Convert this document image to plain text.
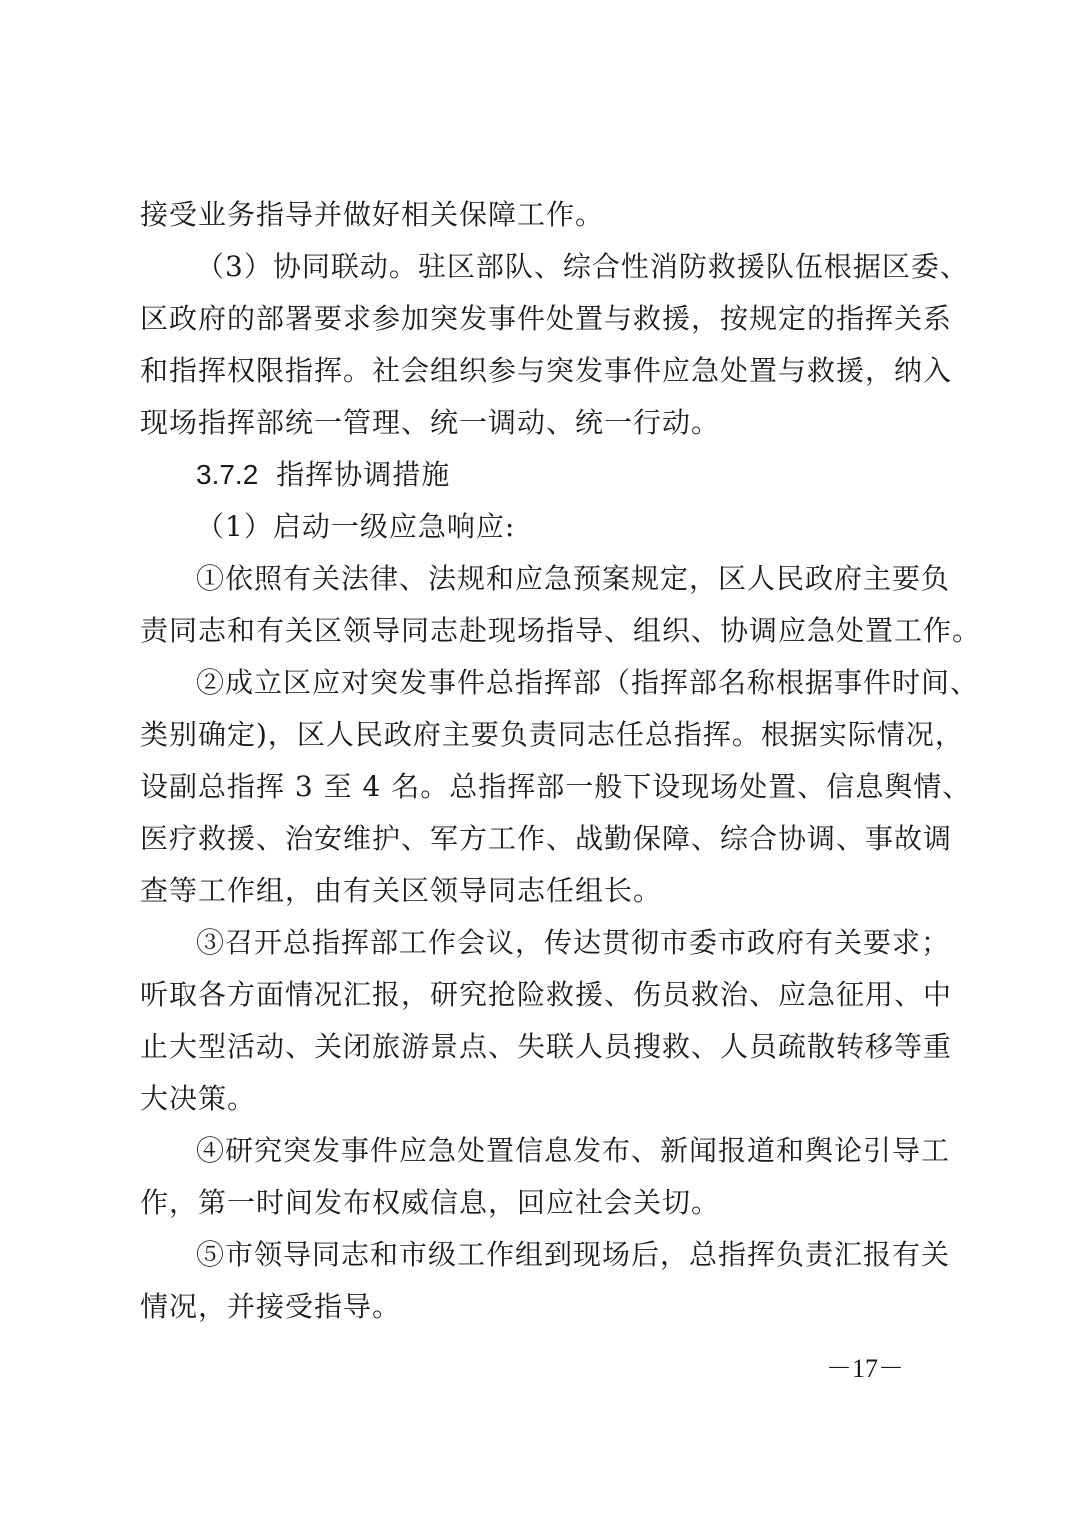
接受业务指导并做好相关保障工作。
（3）协同联动。驻区部队、综合性消防救援队伍根据区委、
区政府的部署要求参加突发事件处置与救援，按规定的指挥关系
和指挥权限指挥。社会组织参与突发事件应急处置与救援，纳入
现场指挥部统一管理、统一调动、统一行动。
3.7.2 指挥协调措施
（1）启动一级应急响应:
①依照有关法律、法规和应急预案规定，区人民政府主要负
责同志和有关区领导同志赴现场指导、组织、协调应急处置工作。
②成立区应对突发事件总指挥部（指挥部名称根据事件时间、
类别确定)，区人民政府主要负责同志任总指挥。根据实际情况，
设副总指挥 3 至 4 名。总指挥部一般下设现场处置、信息舆情、
医疗救援、治安维护、军方工作、战勤保障、综合协调、事故调
查等工作组，由有关区领导同志任组长。
③召开总指挥部工作会议，传达贯彻市委市政府有关要求；
听取各方面情况汇报，研究抢险救援、伤员救治、应急征用、中
止大型活动、关闭旅游景点、失联人员搜救、人员疏散转移等重
大决策。
④研究突发事件应急处置信息发布、新闻报道和舆论引导工
作，第一时间发布权威信息，回应社会关切。
⑤市领导同志和市级工作组到现场后，总指挥负责汇报有关
情况，并接受指导。
－17－
